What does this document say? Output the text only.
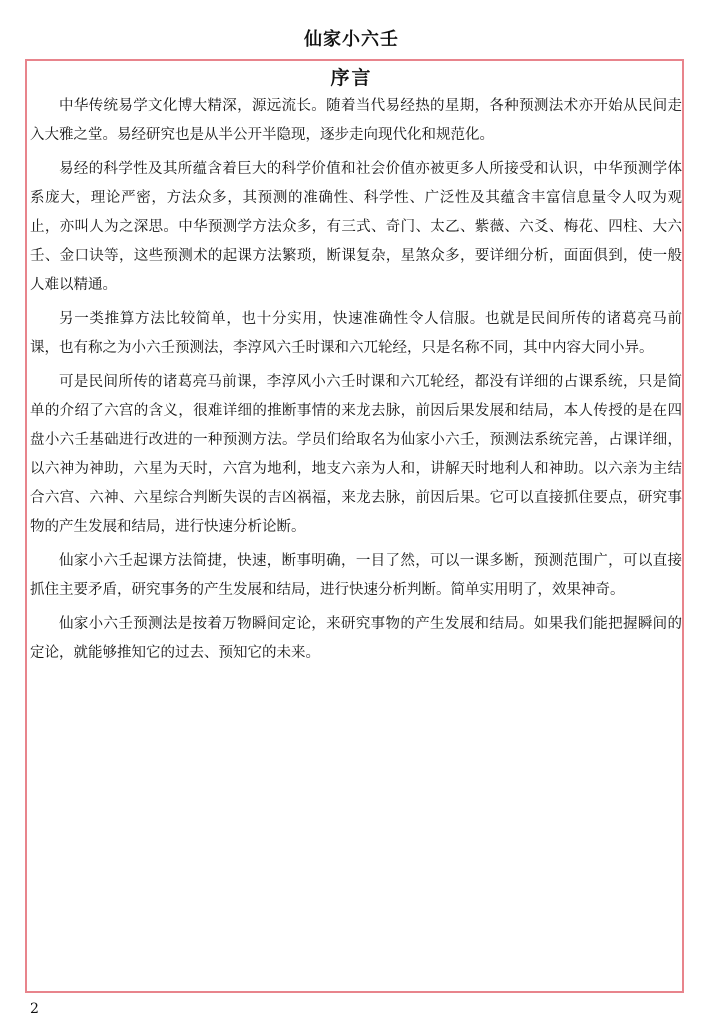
仙家小六壬
序言

中华传统易学文化博大精深，源远流长。随着当代易经热的星期，各种预测法术亦开始从民间走入大雅之堂。易经研究也是从半公开半隐现，逐步走向现代化和规范化。

易经的科学性及其所蕴含着巨大的科学价值和社会价值亦被更多人所接受和认识，中华预测学体系庞大，理论严密，方法众多，其预测的准确性、科学性、广泛性及其蕴含丰富信息量令人叹为观止，亦叫人为之深思。中华预测学方法众多，有三式、奇门、太乙、紫薇、六爻、梅花、四柱、大六壬、金口诀等，这些预测术的起课方法繁琐，断课复杂，星煞众多，要详细分析，面面俱到，使一般人难以精通。

另一类推算方法比较简单，也十分实用，快速准确性令人信服。也就是民间所传的诸葛亮马前课，也有称之为小六壬预测法，李淳风六壬时课和六兀轮经，只是名称不同，其中内容大同小异。

可是民间所传的诸葛亮马前课，李淳风小六壬时课和六兀轮经，都没有详细的占课系统，只是简单的介绍了六宫的含义，很难详细的推断事情的来龙去脉，前因后果发展和结局，本人传授的是在四盘小六壬基础进行改进的一种预测方法。学员们给取名为仙家小六壬，预测法系统完善，占课详细，以六神为神助，六星为天时，六宫为地利，地支六亲为人和，讲解天时地利人和神助。以六亲为主结合六宫、六神、六星综合判断失误的吉凶祸福，来龙去脉，前因后果。它可以直接抓住要点，研究事物的产生发展和结局，进行快速分析论断。

仙家小六壬起课方法简捷，快速，断事明确，一目了然，可以一课多断，预测范围广，可以直接抓住主要矛盾，研究事务的产生发展和结局，进行快速分析判断。简单实用明了，效果神奇。

仙家小六壬预测法是按着万物瞬间定论，来研究事物的产生发展和结局。如果我们能把握瞬间的定论，就能够推知它的过去、预知它的未来。

2
